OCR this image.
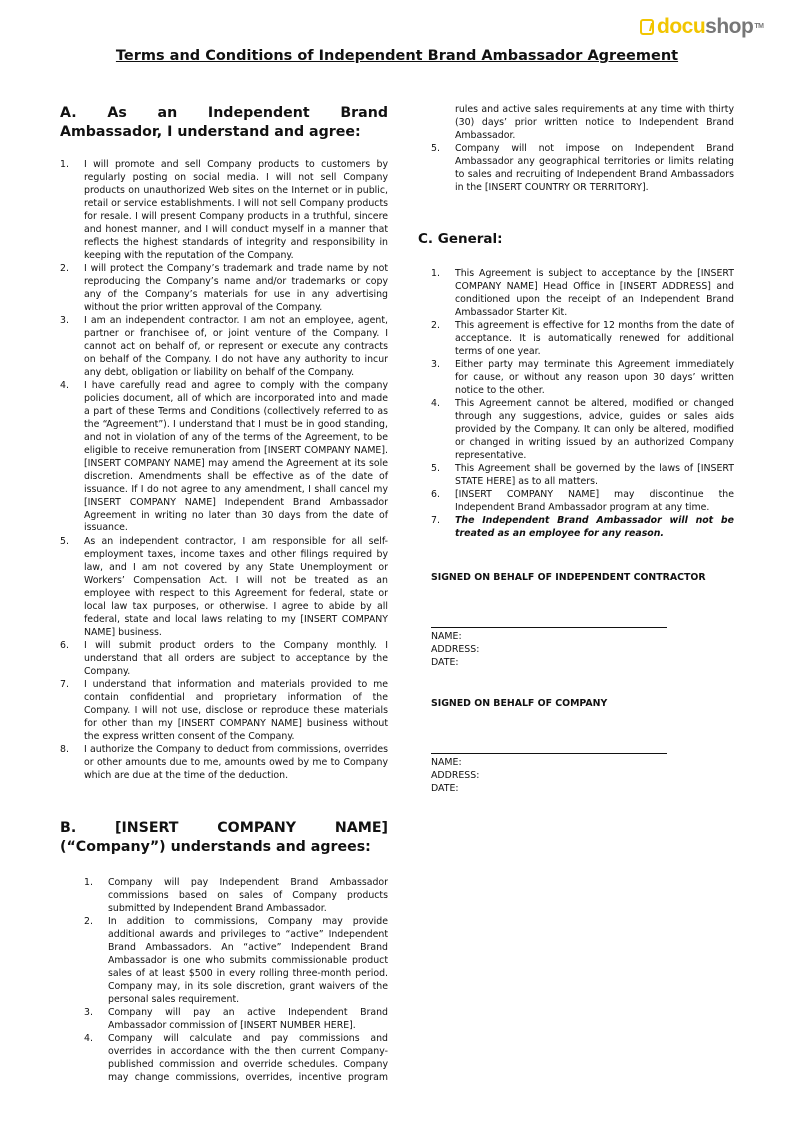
docushop™
Terms and Conditions of Independent Brand Ambassador Agreement
A. As an Independent Brand Ambassador, I understand and agree:
1. I will promote and sell Company products to customers by regularly posting on social media. I will not sell Company products on unauthorized Web sites on the Internet or in public, retail or service establishments. I will not sell Company products for resale. I will present Company products in a truthful, sincere and honest manner, and I will conduct myself in a manner that reflects the highest standards of integrity and responsibility in keeping with the reputation of the Company.
2. I will protect the Company’s trademark and trade name by not reproducing the Company’s name and/or trademarks or copy any of the Company’s materials for use in any advertising without the prior written approval of the Company.
3. I am an independent contractor. I am not an employee, agent, partner or franchisee of, or joint venture of the Company. I cannot act on behalf of, or represent or execute any contracts on behalf of the Company. I do not have any authority to incur any debt, obligation or liability on behalf of the Company.
4. I have carefully read and agree to comply with the company policies document, all of which are incorporated into and made a part of these Terms and Conditions (collectively referred to as the “Agreement”). I understand that I must be in good standing, and not in violation of any of the terms of the Agreement, to be eligible to receive remuneration from [INSERT COMPANY NAME]. [INSERT COMPANY NAME] may amend the Agreement at its sole discretion. Amendments shall be effective as of the date of issuance. If I do not agree to any amendment, I shall cancel my [INSERT COMPANY NAME] Independent Brand Ambassador Agreement in writing no later than 30 days from the date of issuance.
5. As an independent contractor, I am responsible for all self-employment taxes, income taxes and other filings required by law, and I am not covered by any State Unemployment or Workers’ Compensation Act. I will not be treated as an employee with respect to this Agreement for federal, state or local law tax purposes, or otherwise. I agree to abide by all federal, state and local laws relating to my [INSERT COMPANY NAME] business.
6. I will submit product orders to the Company monthly. I understand that all orders are subject to acceptance by the Company.
7. I understand that information and materials provided to me contain confidential and proprietary information of the Company. I will not use, disclose or reproduce these materials for other than my [INSERT COMPANY NAME] business without the express written consent of the Company.
8. I authorize the Company to deduct from commissions, overrides or other amounts due to me, amounts owed by me to Company which are due at the time of the deduction.
B. [INSERT COMPANY NAME] (“Company”) understands and agrees:
1. Company will pay Independent Brand Ambassador commissions based on sales of Company products submitted by Independent Brand Ambassador.
2. In addition to commissions, Company may provide additional awards and privileges to “active” Independent Brand Ambassadors. An “active” Independent Brand Ambassador is one who submits commissionable product sales of at least $500 in every rolling three-month period. Company may, in its sole discretion, grant waivers of the personal sales requirement.
3. Company will pay an active Independent Brand Ambassador commission of [INSERT NUMBER HERE].
4. Company will calculate and pay commissions and overrides in accordance with the then current Company-published commission and override schedules. Company may change commissions, overrides, incentive program
rules and active sales requirements at any time with thirty (30) days’ prior written notice to Independent Brand Ambassador.
5. Company will not impose on Independent Brand Ambassador any geographical territories or limits relating to sales and recruiting of Independent Brand Ambassadors in the [INSERT COUNTRY OR TERRITORY].
C. General:
1. This Agreement is subject to acceptance by the [INSERT COMPANY NAME] Head Office in [INSERT ADDRESS] and conditioned upon the receipt of an Independent Brand Ambassador Starter Kit.
2. This agreement is effective for 12 months from the date of acceptance. It is automatically renewed for additional terms of one year.
3. Either party may terminate this Agreement immediately for cause, or without any reason upon 30 days’ written notice to the other.
4. This Agreement cannot be altered, modified or changed through any suggestions, advice, guides or sales aids provided by the Company. It can only be altered, modified or changed in writing issued by an authorized Company representative.
5. This Agreement shall be governed by the laws of [INSERT STATE HERE] as to all matters.
6. [INSERT COMPANY NAME] may discontinue the Independent Brand Ambassador program at any time.
7. The Independent Brand Ambassador will not be treated as an employee for any reason.

SIGNED ON BEHALF OF INDEPENDENT CONTRACTOR

NAME:
ADDRESS:
DATE:

SIGNED ON BEHALF OF COMPANY

NAME:
ADDRESS:
DATE:
